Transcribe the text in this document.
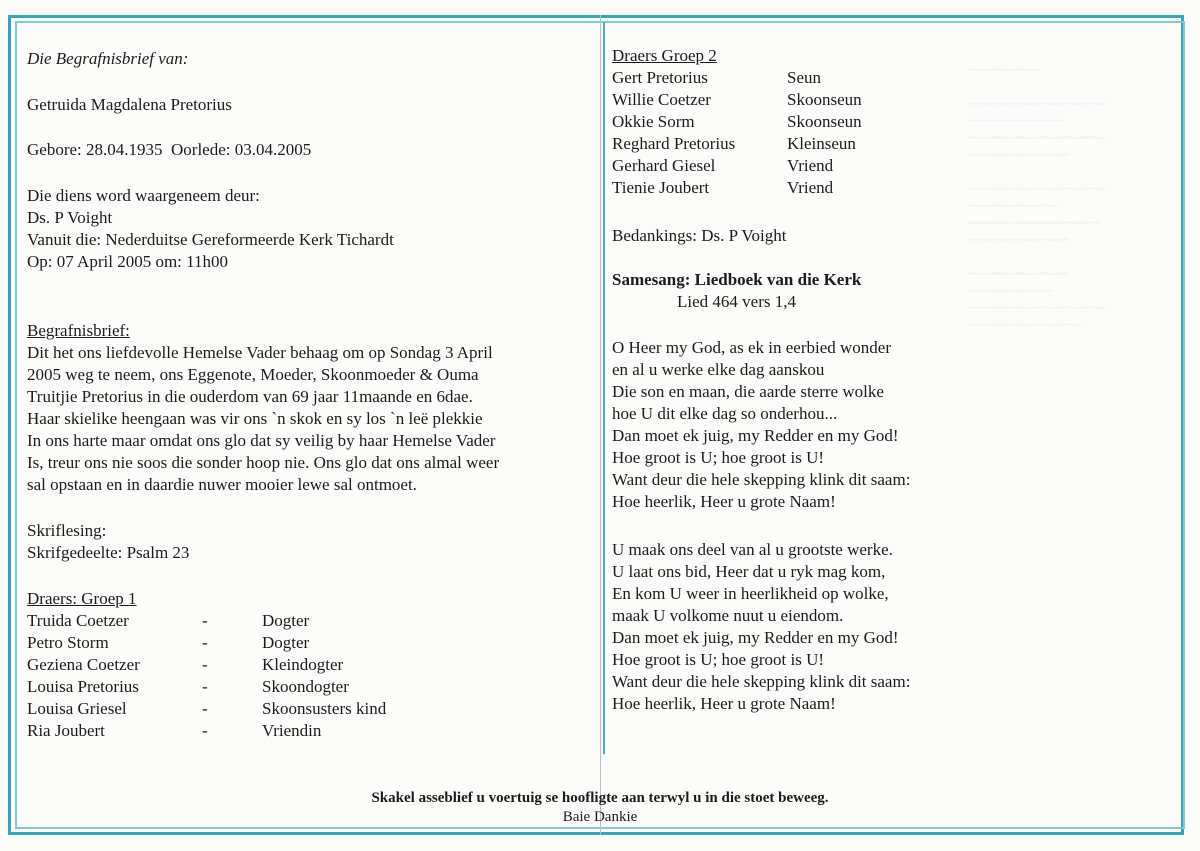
~~~~~~~~~~~~
~~~~~~~~~~~~~~~~~~~~~~~
~~~~~~~~~~~~~~~~
~~~~~~~~~~~~~~~~~~~~~~~
~~~~~~~~~~~~~~~~~
~~~~~~~~~~~~~~~~~~~~~~~
~~~~~~~~~~~~~~~
~~~~~~~~~~~~~~~~~~~~~~
~~~~~~~~~~~~~~~~~
~~~~~~~~~~~~~~~~~
~~~~~~~~~~~~~~
~~~~~~~~~~~~~~~~~~~~~~~
~~~~~~~~~~~~~~~~~~~

Die Begrafnisbrief van:

Getruida Magdalena Pretorius

Gebore: 28.04.1935 Oorlede: 03.04.2005

Die diens word waargeneem deur:

Ds. P Voight

Vanuit die: Nederduitse Gereformeerde Kerk Tichardt

Op: 07 April 2005 om: 11h00

Begrafnisbrief:

Dit het ons liefdevolle Hemelse Vader behaag om op Sondag 3 April

2005 weg te neem, ons Eggenote, Moeder, Skoonmoeder & Ouma

Truitjie Pretorius in die ouderdom van 69 jaar 11maande en 6dae.

Haar skielike heengaan was vir ons `n skok en sy los `n leë plekkie

In ons harte maar omdat ons glo dat sy veilig by haar Hemelse Vader

Is, treur ons nie soos die sonder hoop nie. Ons glo dat ons almal weer

sal opstaan en in daardie nuwer mooier lewe sal ontmoet.

Skriflesing:

Skrifgedeelte: Psalm 23

Draers: Groep 1

Truida Coetzer	-	Dogter

Petro Storm	-	Dogter

Geziena Coetzer	-	Kleindogter

Louisa Pretorius	-	Skoondogter

Louisa Griesel	-	Skoonsusters kind

Ria Joubert	-	Vriendin

Draers Groep 2

Gert Pretorius	Seun

Willie Coetzer	Skoonseun

Okkie Sorm	Skoonseun

Reghard Pretorius	Kleinseun

Gerhard Giesel	Vriend

Tienie Joubert	Vriend

Bedankings: Ds. P Voight

Samesang: Liedboek van die Kerk

Lied 464 vers 1,4

O Heer my God, as ek in eerbied wonder

en al u werke elke dag aanskou

Die son en maan, die aarde sterre wolke

hoe U dit elke dag so onderhou...

Dan moet ek juig, my Redder en my God!

Hoe groot is U; hoe groot is U!

Want deur die hele skepping klink dit saam:

Hoe heerlik, Heer u grote Naam!

U maak ons deel van al u grootste werke.

U laat ons bid, Heer dat u ryk mag kom,

En kom U weer in heerlikheid op wolke,

maak U volkome nuut u eiendom.

Dan moet ek juig, my Redder en my God!

Hoe groot is U; hoe groot is U!

Want deur die hele skepping klink dit saam:

Hoe heerlik, Heer u grote Naam!

Skakel asseblief u voertuig se hoofligte aan terwyl u in die stoet beweeg.

Baie Dankie
